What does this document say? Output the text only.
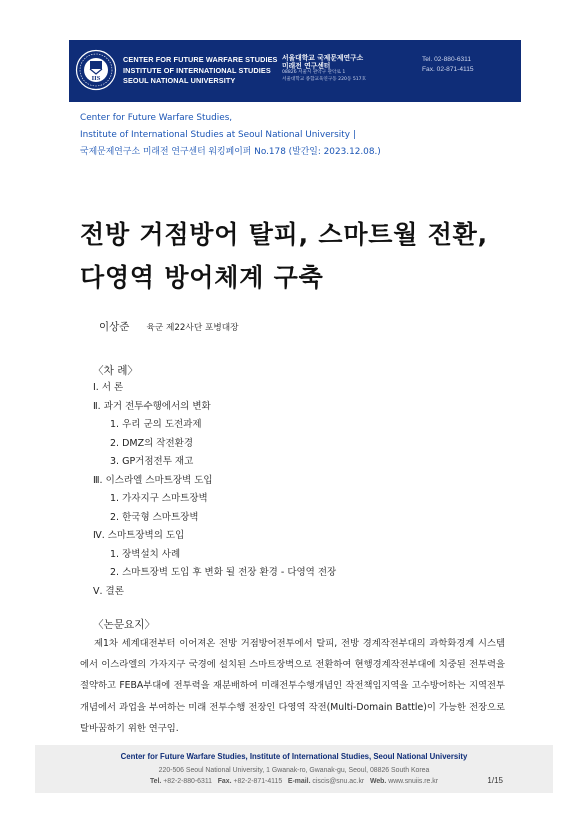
IIS
CENTER FOR FUTURE WARFARE STUDIES
INSTITUTE OF INTERNATIONAL STUDIES
SEOUL NATIONAL UNIVERSITY
서울대학교 국제문제연구소
미래전 연구센터
08826 서울시 관악구 관악로 1
서울대학교 종합교육연구동 220동 517호
Tel. 02-880-6311
Fax. 02-871-4115
Center for Future Warfare Studies,
Institute of International Studies at Seoul National University |
국제문제연구소 미래전 연구센터 워킹페이퍼 No.178 (발간일: 2023.12.08.)
전방 거점방어 탈피, 스마트월 전환,
다영역 방어체계 구축
이상준 육군 제22사단 포병대장
〈차 례〉
Ⅰ. 서 론
Ⅱ. 과거 전투수행에서의 변화
1. 우리 군의 도전과제
2. DMZ의 작전환경
3. GP거점전투 재고
Ⅲ. 이스라엘 스마트장벽 도입
1. 가자지구 스마트장벽
2. 한국형 스마트장벽
Ⅳ. 스마트장벽의 도입
1. 장벽설치 사례
2. 스마트장벽 도입 후 변화 될 전장 환경 - 다영역 전장
Ⅴ. 결론
〈논문요지〉
제1차 세계대전부터 이어져온 전방 거점방어전투에서 탈피, 전방 경계작전부대의 과학화경계 시스템에서 이스라엘의 가자지구 국경에 설치된 스마트장벽으로 전환하여 현행경계작전부대에 치중된 전투력을 절약하고 FEBA부대에 전투력을 재분배하여 미래전투수행개념인 작전책임지역을 고수방어하는 지역전투개념에서 과업을 부여하는 미래 전투수행 전장인 다영역 작전(Multi-Domain Battle)이 가능한 전장으로 탈바꿈하기 위한 연구임.
Center for Future Warfare Studies, Institute of International Studies, Seoul National University
220-506 Seoul National University, 1 Gwanak-ro, Gwanak-gu, Seoul, 08826 South Korea
Tel. +82-2-880-6311 Fax. +82-2-871-4115 E-mail. ciscis@snu.ac.kr Web. www.snuiis.re.kr	1/15
